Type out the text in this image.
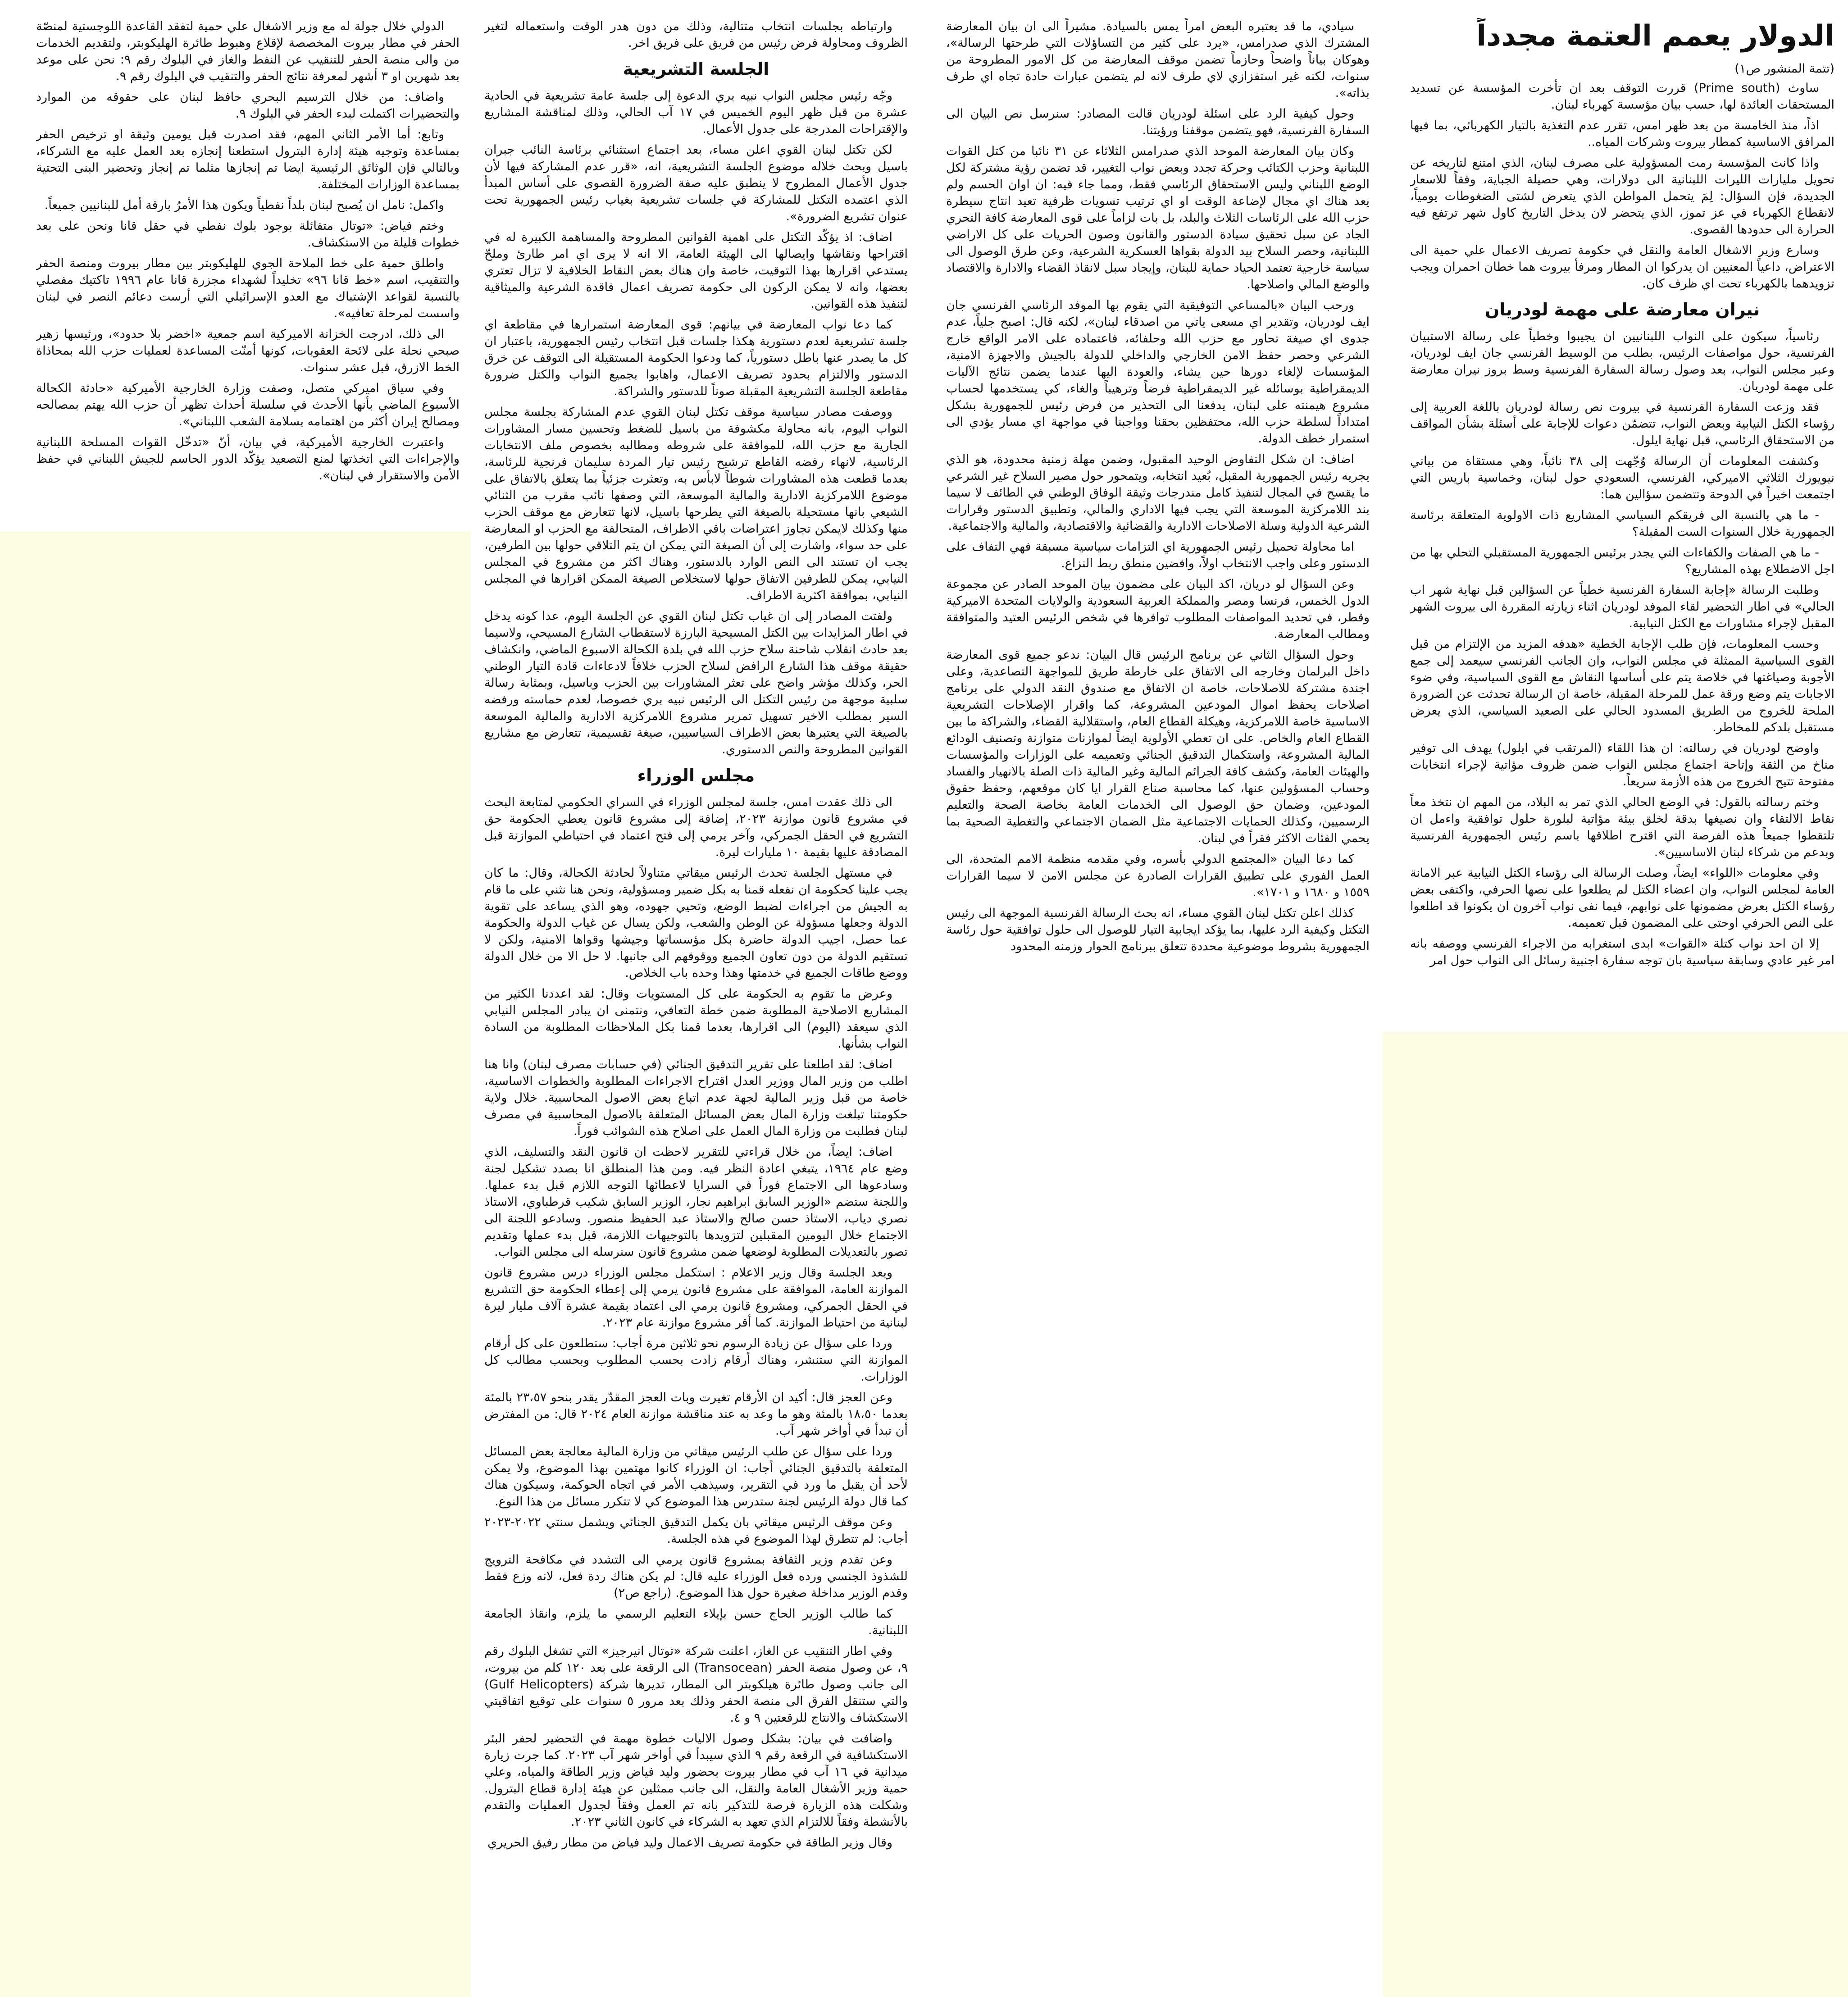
الدولار يعمم العتمة مجدداً
(تتمة المنشور ص١)

ساوث (Prime south) قررت التوقف بعد ان تأخرت المؤسسة عن تسديد المستحقات العائدة لها، حسب بيان مؤسسة كهرباء لبنان.

اذاً، منذ الخامسة من بعد ظهر امس، تقرر عدم التغذية بالتيار الكهربائي، بما فيها المرافق الاساسية كمطار بيروت وشركات المياه..

واذا كانت المؤسسة رمت المسؤولية على مصرف لبنان، الذي امتنع لتاريخه عن تحويل مليارات الليرات اللبنانية الى دولارات، وهي حصيلة الجباية، وفقاً للاسعار الجديدة، فإن السؤال: لِمَ يتحمل المواطن الذي يتعرض لشتى الضغوطات يومياً، لانقطاع الكهرباء في عز تموز، الذي يتحضر لان يدخل التاريخ كاول شهر ترتفع فيه الحرارة الى حدودها القصوى.

وسارع وزير الاشغال العامة والنقل في حكومة تصريف الاعمال علي حمية الى الاعتراض، داعياً المعنيين ان يدركوا ان المطار ومرفأ بيروت هما خطان احمران ويجب تزويدهما بالكهرباء تحت اي ظرف كان.

نيران معارضة على مهمة لودريان

رئاسياً، سيكون على النواب اللبنانيين ان يجيبوا وخطياً على رسالة الاستبيان الفرنسية، حول مواصفات الرئيس، بطلب من الوسيط الفرنسي جان ايف لودريان، وعبر مجلس النواب، بعد وصول رسالة السفارة الفرنسية وسط بروز نيران معارضة على مهمة لودريان.

فقد وزعت السفارة الفرنسية في بيروت نص رسالة لودريان باللغة العربية إلى رؤساء الكتل النيابية وبعض النواب، تتضمّن دعوات للإجابة على أسئلة بشأن المواقف من الاستحقاق الرئاسي، قبل نهاية ايلول.

وكشفت المعلومات أن الرسالة وُجّهت إلى ٣٨ نائباً، وهي مستقاة من بياني نيويورك الثلاثي الاميركي، الفرنسي، السعودي حول لبنان، وخماسية باريس التي اجتمعت اخيراً في الدوحة وتتضمن سؤالين هما:

- ما هي بالنسبة الى فريقكم السياسي المشاريع ذات الاولوية المتعلقة برئاسة الجمهورية خلال السنوات الست المقبلة؟

- ما هي الصفات والكفاءات التي يجدر برئيس الجمهورية المستقبلي التحلي بها من اجل الاضطلاع بهذه المشاريع؟

وطلبت الرسالة «إجابة السفارة الفرنسية خطياً عن السؤالين قبل نهاية شهر اب الحالي» في اطار التحضير لقاء الموفد لودريان اثناء زيارته المقررة الى بيروت الشهر المقبل لإجراء مشاورات مع الكتل النيابية.

وحسب المعلومات، فإن طلب الإجابة الخطية «هدفه المزيد من الإلتزام من قبل القوى السياسية الممثلة في مجلس النواب، وان الجانب الفرنسي سيعمد إلى جمع الأجوبة وصياغتها في خلاصة يتم على أساسها النقاش مع القوى السياسية، وفي ضوء الاجابات يتم وضع ورقة عمل للمرحلة المقبلة، خاصة ان الرسالة تحدثت عن الضرورة الملحة للخروج من الطريق المسدود الحالي على الصعيد السياسي، الذي يعرض مستقبل بلدكم للمخاطر.

واوضح لودريان في رسالته: ان هذا اللقاء (المرتقب في ايلول) يهدف الى توفير مناخ من الثقة وإتاحة اجتماع مجلس النواب ضمن ظروف مؤاتية لإجراء انتخابات مفتوحة تتيح الخروج من هذه الأزمة سريعاً.

وختم رسالته بالقول: في الوضع الحالي الذي تمر به البلاد، من المهم ان نتخذ معاً نقاط الالتقاء وان نصيغها بدقة لخلق بيئة مؤاتية لبلورة حلول توافقية واءمل ان تلتقطوا جميعاً هذه الفرصة التي اقترح اطلاقها باسم رئيس الجمهورية الفرنسية وبدعم من شركاء لبنان الاساسيين».

وفي معلومات «اللواء» ايضاً، وصلت الرسالة الى رؤساء الكتل النيابية عبر الامانة العامة لمجلس النواب، وان اعضاء الكتل لم يطلعوا على نصها الحرفي، واكتفى بعض رؤساء الكتل بعرض مضمونها على نوابهم، فيما نفى نواب آخرون ان يكونوا قد اطلعوا على النص الحرفي اوحتى على المضمون قبل تعميمه.

إلا ان احد نواب كتلة «القوات» ابدى استغرابه من الاجراء الفرنسي ووصفه بانه امر غير عادي وسابقة سياسية بان توجه سفارة اجنبية رسائل الى النواب حول امر

سيادي، ما قد يعتبره البعض امراً يمس بالسيادة. مشيراً الى ان بيان المعارضة المشترك الذي صدرامس، «يرد على كثير من التساؤلات التي طرحتها الرسالة»، وهوكان بياناً واضحاً وحازماً تضمن موقف المعارضة من كل الامور المطروحة من سنوات، لكنه غير استفزازي لاي طرف لانه لم يتضمن عبارات حادة تجاه اي طرف بذاته».

وحول كيفية الرد على اسئلة لودريان قالت المصادر: سنرسل نص البيان الى السفارة الفرنسية، فهو يتضمن موقفنا ورؤيتنا.

وكان بيان المعارضة الموحد الذي صدرامس الثلاثاء عن ٣١ نائبا من كتل القوات اللبنانية وحزب الكتائب وحركة تجدد وبعض نواب التغيير، قد تضمن رؤية مشتركة لكل الوضع اللبناني وليس الاستحقاق الرئاسي فقط، ومما جاء فيه: ان اوان الحسم ولم يعد هناك اي مجال لإضاعة الوقت او اي ترتيب تسويات ظرفية تعيد انتاج سيطرة حزب الله على الرئاسات الثلاث والبلد، بل بات لزاماً على قوى المعارضة كافة التحري الجاد عن سبل تحقيق سيادة الدستور والقانون وصون الحريات على كل الاراضي اللبنانية، وحصر السلاح بيد الدولة بقواها العسكرية الشرعية، وعن طرق الوصول الى سياسة خارجية تعتمد الحياد حماية للبنان، وإيجاد سبل لانقاذ القضاء والادارة والاقتصاد والوضع المالي واصلاحها.

ورحب البيان «بالمساعي التوفيقية التي يقوم بها الموفد الرئاسي الفرنسي جان ايف لودريان، وتقدير اي مسعى ياتي من اصدقاء لبنان»، لكنه قال: اصبح جلياً، عدم جدوى اي صيغة تحاور مع حزب الله وحلفائه، فاعتماده على الامر الواقع خارج الشرعي وحصر حفظ الامن الخارجي والداخلي للدولة بالجيش والاجهزة الامنية، المؤسسات لإلغاء دورها حين يشاء، والعودة اليها عندما يضمن نتائج الآليات الديمقراطية بوسائله غير الديمقراطية فرضاً وترهيباً والغاء، كي يستخدمها لحساب مشروع هيمنته على لبنان، يدفعنا الى التحذير من فرض رئيس للجمهورية بشكل امتداداً لسلطة حزب الله، محتفظين بحقنا وواجبنا في مواجهة اي مسار يؤدي الى استمرار خطف الدولة.

اضاف: ان شكل التفاوض الوحيد المقبول، وضمن مهلة زمنية محدودة، هو الذي يجريه رئيس الجمهورية المقبل، بُعيد انتخابه، ويتمحور حول مصير السلاح غير الشرعي ما يقسح في المجال لتنفيذ كامل مندرجات وثيقة الوفاق الوطني في الطائف لا سيما بند اللامركزية الموسعة التي يجب فيها الاداري والمالي، وتطبيق الدستور وقرارات الشرعية الدولية وسلة الاصلاحات الادارية والقضائية والاقتصادية، والمالية والاجتماعية.

اما محاولة تحميل رئيس الجمهورية اي التزامات سياسية مسبقة فهي التفاف على الدستور وعلى واجب الانتخاب اولاً، وافضين منطق ربط النزاع.

وعن السؤال لو دريان، اكد البيان على مضمون بيان الموحد الصادر عن مجموعة الدول الخمس، فرنسا ومصر والمملكة العربية السعودية والولايات المتحدة الاميركية وقطر، في تحديد المواصفات المطلوب توافرها في شخص الرئيس العتيد والمتوافقة ومطالب المعارضة.

وحول السؤال الثاني عن برنامج الرئيس قال البيان: ندعو جميع قوى المعارضة داخل البرلمان وخارجه الى الاتفاق على خارطة طريق للمواجهة التصاعدية، وعلى اجندة مشتركة للاصلاحات، خاصة ان الاتفاق مع صندوق النقد الدولي على برنامج اصلاحات يحفظ اموال المودعين المشروعة، كما واقرار الإصلاحات التشريعية الاساسية خاصة اللامركزية، وهيكلة القطاع العام، واستقلالية القضاء، والشراكة ما بين القطاع العام والخاص. على ان تعطي الأولوية ايضاً لموازنات متوازنة وتصنيف الودائع المالية المشروعة، واستكمال التدقيق الجنائي وتعميمه على الوزارات والمؤسسات والهيئات العامة، وكشف كافة الجرائم المالية وغير المالية ذات الصلة بالانهيار والفساد وحساب المسؤولين عنها، كما محاسبة صناع القرار ايا كان موقعهم، وحفظ حقوق المودعين، وضمان حق الوصول الى الخدمات العامة بخاصة الصحة والتعليم الرسميين، وكذلك الحمايات الاجتماعية مثل الضمان الاجتماعي والتغطية الصحية بما يحمي الفئات الاكثر فقراً في لبنان.

كما دعا البيان «المجتمع الدولي بأسره، وفي مقدمه منظمة الامم المتحدة، الى العمل الفوري على تطبيق القرارات الصادرة عن مجلس الامن لا سيما القرارات ١٥٥٩ و ١٦٨٠ و ١٧٠١».

كذلك اعلن تكتل لبنان القوي مساء، انه بحث الرسالة الفرنسية الموجهة الى رئيس التكتل وكيفية الرد عليها، بما يؤكد ايجابية التيار للوصول الى حلول توافقية حول رئاسة الجمهورية بشروط موضوعية محددة تتعلق ببرنامج الحوار وزمنه المحدود

وارتباطه بجلسات انتخاب متتالية، وذلك من دون هدر الوقت واستعماله لتغير الظروف ومحاولة فرض رئيس من فريق على فريق اخر.

الجلسة التشريعية

وجّه رئيس مجلس النواب نبيه بري الدعوة إلى جلسة عامة تشريعية في الحادية عشرة من قبل ظهر اليوم الخميس في ١٧ آب الحالي، وذلك لمناقشة المشاريع والإقتراحات المدرجة على جدول الأعمال.

لكن تكتل لبنان القوي اعلن مساء، بعد اجتماع استثنائي برئاسة النائب جبران باسيل وبحث خلاله موضوع الجلسة التشريعية، انه، «قرر عدم المشاركة فيها لأن جدول الأعمال المطروح لا ينطبق عليه صفة الضرورة القصوى على أساس المبدأ الذي اعتمده التكتل للمشاركة في جلسات تشريعية بغياب رئيس الجمهورية تحت عنوان تشريع الضرورة».

اضاف: اذ يؤكّد التكتل على اهمية القوانين المطروحة والمساهمة الكبيرة له في اقتراحها ونقاشها وايصالها الى الهيئة العامة، الا انه لا يرى اي امر طارئ وملحّ يستدعي اقرارها بهذا التوقيت، خاصة وان هناك بعض النقاط الخلافية لا تزال تعتري بعضها، وانه لا يمكن الركون الى حكومة تصريف اعمال فاقدة الشرعية والميثاقية لتنفيذ هذه القوانين.

كما دعا نواب المعارضة في بيانهم: قوى المعارضة استمرارها في مقاطعة اي جلسة تشريعية لعدم دستورية هكذا جلسات قبل انتخاب رئيس الجمهورية، باعتبار ان كل ما يصدر عنها باطل دستورياً، كما ودعوا الحكومة المستقيلة الى التوقف عن خرق الدستور والالتزام بحدود تصريف الاعمال، واهابوا بجميع النواب والكتل ضرورة مقاطعة الجلسة التشريعية المقبلة صوناً للدستور والشراكة.

ووصفت مصادر سياسية موقف تكتل لبنان القوي عدم المشاركة بجلسة مجلس النواب اليوم، بانه محاولة مكشوفة من باسيل للضغط وتحسين مسار المشاورات الجارية مع حزب الله، للموافقة على شروطه ومطالبه بخصوص ملف الانتخابات الرئاسية، لانهاء رفضه القاطع ترشيح رئيس تيار المردة سليمان فرنجية للرئاسة، بعدما قطعت هذه المشاورات شوطاً لابأس به، وتعثرت جزئياً بما يتعلق بالاتفاق على موضوع اللامركزية الادارية والمالية الموسعة، التي وصفها نائب مقرب من الثنائي الشيعي بانها مستحيلة بالصيغة التي يطرحها باسيل، لانها تتعارض مع موقف الحزب منها وكذلك لايمكن تجاوز اعتراضات باقي الاطراف، المتحالفة مع الحزب او المعارضة على حد سواء، واشارت إلى أن الصيغة التي يمكن ان يتم التلاقي حولها بين الطرفين، يجب ان تستند الى النص الوارد بالدستور، وهناك اكثر من مشروع في المجلس النيابي، يمكن للطرفين الاتفاق حولها لاستخلاص الصيغة الممكن اقرارها في المجلس النيابي، بموافقة اكثرية الاطراف.

ولفتت المصادر إلى ان غياب تكتل لبنان القوي عن الجلسة اليوم، عدا كونه يدخل في اطار المزايدات بين الكتل المسيحية البارزة لاستقطاب الشارع المسيحي، ولاسيما بعد حادث انقلاب شاحنة سلاح حزب الله في بلدة الكحالة الاسبوع الماضي، وانكشاف حقيقة موقف هذا الشارع الرافض لسلاح الحزب خلافاً لادعاءات قادة التيار الوطني الحر، وكذلك مؤشر واضح على تعثر المشاورات بين الحزب وباسيل، وبمثابة رسالة سلبية موجهة من رئيس التكتل الى الرئيس نبيه بري خصوصا، لعدم حماسته ورفضه السير بمطلب الاخير تسهيل تمرير مشروع اللامركزية الادارية والمالية الموسعة بالصيغة التي يعتبرها بعض الاطراف السياسيين، صيغة تقسيمية، تتعارض مع مشاريع القوانين المطروحة والنص الدستوري.

مجلس الوزراء

الى ذلك عقدت امس، جلسة لمجلس الوزراء في السراي الحكومي لمتابعة البحث في مشروع قانون موازنة ٢٠٢٣، إضافة إلى مشروع قانون يعطي الحكومة حق التشريع في الحقل الجمركي، وآخر يرمي إلى فتح اعتماد في احتياطي الموازنة قبل المصادقة عليها بقيمة ١٠ مليارات ليرة.

في مستهل الجلسة تحدث الرئيس ميقاتي متناولاً لحادثة الكحالة، وقال: ما كان يجب علينا كحكومة ان نفعله قمنا به بكل ضمير ومسؤولية، ونحن هنا نثني على ما قام به الجيش من اجراءات لضبط الوضع، وتحيي جهوده، وهو الذي يساعد على تقوية الدولة وجعلها مسؤولة عن الوطن والشعب، ولكن يسال عن غياب الدولة والحكومة عما حصل، اجيب الدولة حاضرة بكل مؤسساتها وجيشها وقواها الامنية، ولكن لا تستقيم الدولة من دون تعاون الجميع ووقوفهم الى جانبها. لا حل الا من خلال الدولة ووضع طاقات الجميع في خدمتها وهذا وحده باب الخلاص.

وعرض ما تقوم به الحكومة على كل المستويات وقال: لقد اعددنا الكثير من المشاريع الاصلاحية المطلوبة ضمن خطة التعافي، ونتمنى ان يبادر المجلس النيابي الذي سيعقد (اليوم) الى اقرارها، بعدما قمنا بكل الملاحظات المطلوبة من السادة النواب بشأنها.

اضاف: لقد اطلعنا على تقرير التدقيق الجنائي (في حسابات مصرف لبنان) وانا هنا اطلب من وزير المال ووزير العدل اقتراح الاجراءات المطلوبة والخطوات الاساسية، خاصة من قبل وزير المالية لجهة عدم اتباع بعض الاصول المحاسبية. خلال ولاية حكومتنا تبلغت وزارة المال بعض المسائل المتعلقة بالاصول المحاسبية في مصرف لبنان فطلبت من وزارة المال العمل على اصلاح هذه الشوائب فوراً.

اضاف: ايضاً، من خلال قراءتي للتقرير لاحظت ان قانون النقد والتسليف، الذي وضع عام ١٩٦٤، يتبغي اعادة النظر فيه. ومن هذا المنطلق انا بصدد تشكيل لجنة وسادعوها الى الاجتماع فوراً في السرايا لاعطائها التوجه اللازم قبل بدء عملها. واللجنة ستضم «الوزير السابق ابراهيم نجار، الوزير السابق شكيب قرطباوي، الاستاذ نصري دياب، الاستاذ حسن صالح والاستاذ عبد الحفيظ منصور. وسادعو اللجنة الى الاجتماع خلال اليومين المقبلين لتزويدها بالتوجيهات اللازمة، قبل بدء عملها وتقديم تصور بالتعديلات المطلوبة لوضعها ضمن مشروع قانون سنرسله الى مجلس النواب.

وبعد الجلسة وقال وزير الاعلام : استكمل مجلس الوزراء درس مشروع قانون الموازنة العامة، الموافقة على مشروع قانون يرمي إلى إعطاء الحكومة حق التشريع في الحقل الجمركي، ومشروع قانون يرمي الى اعتماد بقيمة عشرة آلاف مليار ليرة لبنانية من احتياط الموازنة. كما أقر مشروع موازنة عام ٢٠٢٣.

وردا على سؤال عن زيادة الرسوم نحو ثلاثين مرة أجاب: ستطلعون على كل أرقام الموازنة التي ستنشر، وهناك أرقام زادت بحسب المطلوب وبحسب مطالب كل الوزارات.

وعن العجز قال: أكيد ان الأرقام تغيرت وبات العجز المقدّر يقدر بنحو ٢٣،٥٧ بالمئة بعدما ١٨،٥٠ بالمئة وهو ما وعد به عند مناقشة موازنة العام ٢٠٢٤ قال: من المفترض أن تبدأ في أواخر شهر آب.

وردا على سؤال عن طلب الرئيس ميقاتي من وزارة المالية معالجة بعض المسائل المتعلقة بالتدقيق الجنائي أجاب: ان الوزراء كانوا مهتمين بهذا الموضوع، ولا يمكن لأحد أن يقبل ما ورد في التقرير، وسيذهب الأمر في اتجاه الحوكمة، وسيكون هناك كما قال دولة الرئيس لجنة ستدرس هذا الموضوع كي لا تتكرر مسائل من هذا النوع.

وعن موقف الرئيس ميقاتي بان يكمل التدقيق الجنائي ويشمل سنتي ٢٠٢٢-٢٠٢٣ أجاب: لم تتطرق لهذا الموضوع في هذه الجلسة.

وعن تقدم وزير الثقافة بمشروع قانون يرمي الى التشدد في مكافحة الترويج للشذوذ الجنسي ورده فعل الوزراء عليه قال: لم يكن هناك ردة فعل، لانه وزع فقط وقدم الوزير مداخلة صغيرة حول هذا الموضوع. (راجع ص٢)

كما طالب الوزير الحاج حسن بإيلاء التعليم الرسمي ما يلزم، وانقاذ الجامعة اللبنانية.

وفي اطار التنقيب عن الغاز، اعلنت شركة «توتال انيرجيز» التي تشغل البلوك رقم ٩، عن وصول منصة الحفر (Transocean) الى الرقعة على بعد ١٢٠ كلم من بيروت، الى جانب وصول طائرة هيلكوبتر الى المطار، تديرها شركة (Gulf Helicopters) والتي ستنقل الفرق الى منصة الحفر وذلك بعد مرور ٥ سنوات على توقيع اتفاقيتي الاستكشاف والانتاج للرقعتين ٩ و ٤.

واضافت في بيان: بشكل وصول الاليات خطوة مهمة في التحضير لحفر البئر الاستكشافية في الرقعة رقم ٩ الذي سيبدأ في أواخر شهر آب ٢٠٢٣. كما جرت زيارة ميدانية في ١٦ آب في مطار بيروت بحضور وليد فياض وزير الطاقة والمياه، وعلي حمية وزير الأشغال العامة والنقل، الى جانب ممثلين عن هيئة إدارة قطاع البترول. وشكلت هذه الزيارة فرصة للتذكير بانه تم العمل وفقاً لجدول العمليات والتقدم بالأنشطة وفقاً للالتزام الذي تعهد به الشركاء في كانون الثاني ٢٠٢٣.

وقال وزير الطاقة في حكومة تصريف الاعمال وليد فياض من مطار رفيق الحريري

الدولي خلال جولة له مع وزير الاشغال علي حمية لتفقد القاعدة اللوجستية لمنصّة الحفر في مطار بيروت المخصصة لإقلاع وهبوط طائرة الهليكوبتر، ولتقديم الخدمات من والى منصة الحفر للتنقيب عن النفط والغاز في البلوك رقم ٩: نحن على موعد بعد شهرين او ٣ أشهر لمعرفة نتائج الحفر والتنقيب في البلوك رقم ٩.

واضاف: من خلال الترسيم البحري حافظ لبنان على حقوقه من الموارد والتحضيرات اكتملت لبدء الحفر في البلوك ٩.

وتابع: أما الأمر الثاني المهم، فقد اصدرت قبل يومين وثيقة او ترخيص الحفر بمساعدة وتوجيه هيئة إدارة البترول استطعنا إنجازه بعد العمل عليه مع الشركاء، وبالتالي فإن الوثائق الرئيسية ايضا تم إنجازها مثلما تم إنجاز وتحضير البنى التحتية بمساعدة الوزارات المختلفة.

واكمل: نامل ان يُصبح لبنان بلداً نفطياً ويكون هذا الأمرُ بارقة أمل للبنانيين جميعاً.

وختم فياض: «توتال متفائلة بوجود بلوك نفطي في حقل قانا ونحن على بعد خطوات قليلة من الاستكشاف.

واطلق حمية على خط الملاحة الجوي للهليكوبتر بين مطار بيروت ومنصة الحفر والتنقيب، اسم «خط قانا ٩٦» تخليداً لشهداء مجزرة قانا عام ١٩٩٦ تاكتيك مفصلي بالنسبة لقواعد الإشتباك مع العدو الإسرائيلي التي أرست دعائم النصر في لبنان واسست لمرحلة تعافيه».

الى ذلك، ادرجت الخزانة الاميركية اسم جمعية «اخضر بلا حدود»، ورئيسها زهير صبحي نحلة على لائحة العقوبات، كونها أمنّت المساعدة لعمليات حزب الله بمحاذاة الخط الازرق، قبل عشر سنوات.

وفي سياق اميركي متصل، وصفت وزارة الخارجية الأميركية «حادثة الكحالة الأسبوع الماضي بأنها الأحدث في سلسلة أحداث تظهر أن حزب الله يهتم بمصالحه ومصالح إيران أكثر من اهتمامه بسلامة الشعب اللبناني».

واعتبرت الخارجية الأميركية، في بيان، أنّ «تدخّل القوات المسلحة اللبنانية والإجراءات التي اتخذتها لمنع التصعيد يؤكّد الدور الحاسم للجيش اللبناني في حفظ الأمن والاستقرار في لبنان».
